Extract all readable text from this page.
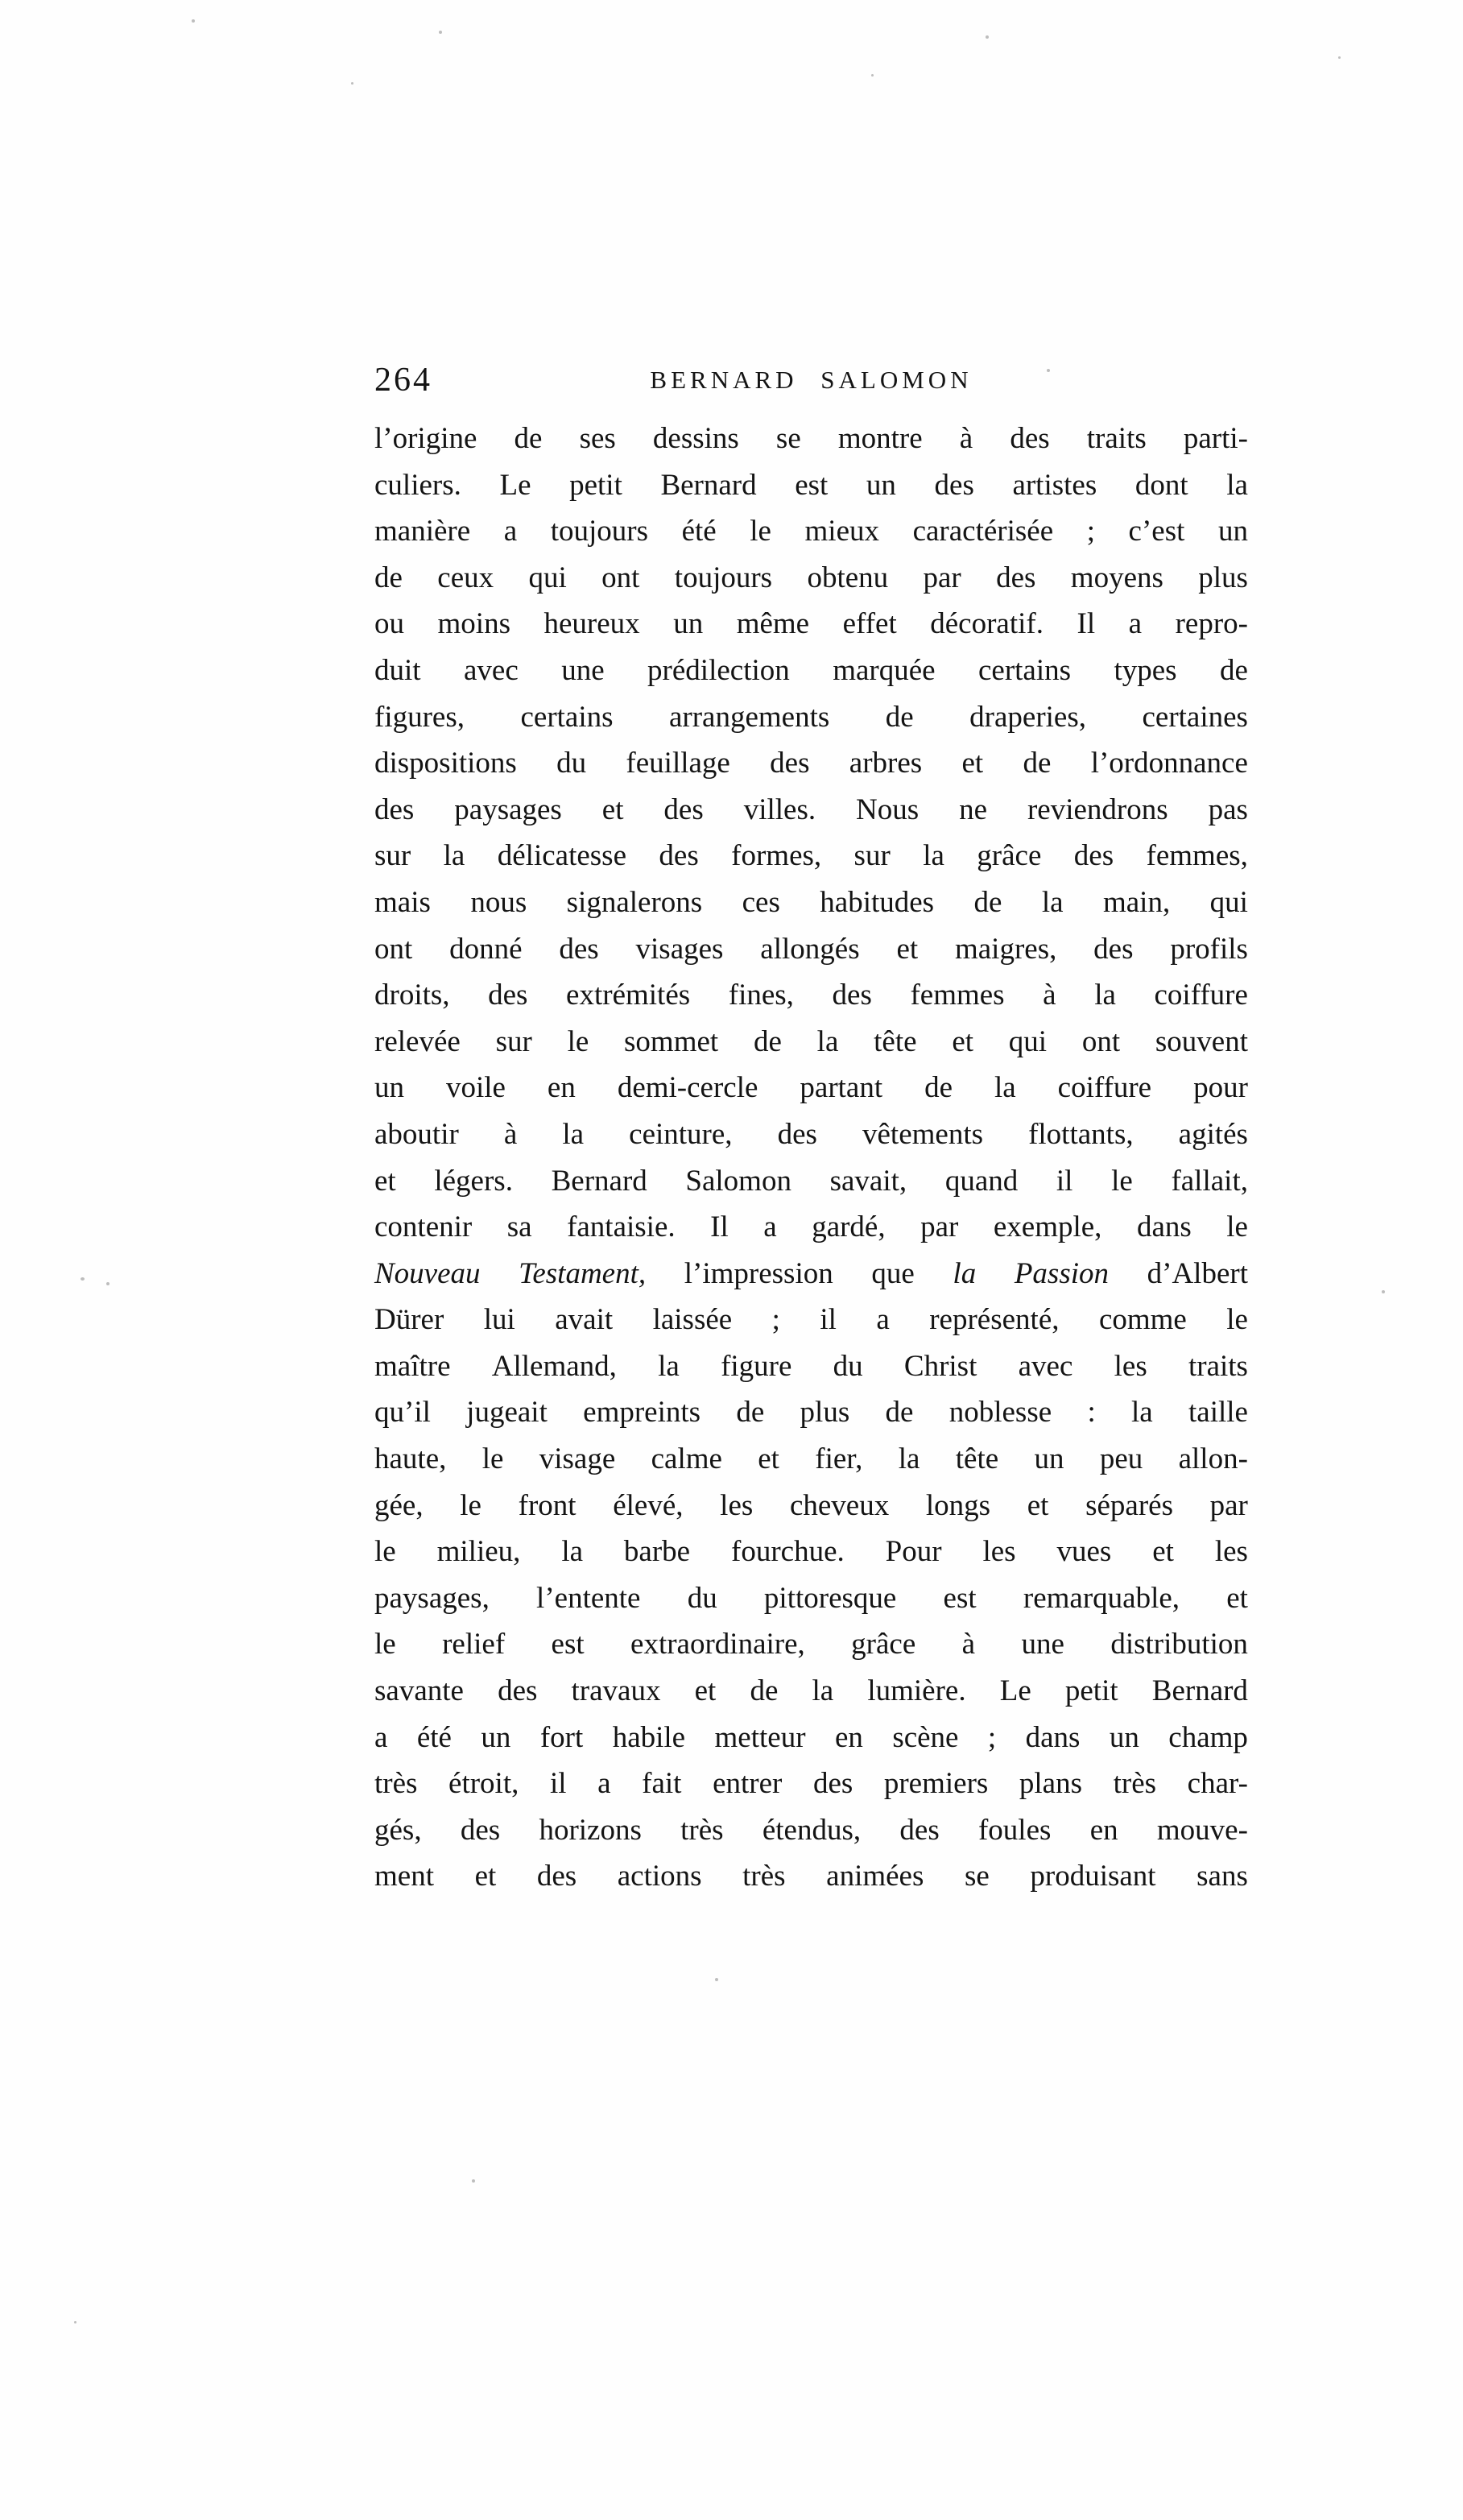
264	BERNARD SALOMON
l’origine de ses dessins se montre à des traits parti-
culiers. Le petit Bernard est un des artistes dont la
manière a toujours été le mieux caractérisée ; c’est un
de ceux qui ont toujours obtenu par des moyens plus
ou moins heureux un même effet décoratif. Il a repro-
duit avec une prédilection marquée certains types de
figures, certains arrangements de draperies, certaines
dispositions du feuillage des arbres et de l’ordonnance
des paysages et des villes. Nous ne reviendrons pas
sur la délicatesse des formes, sur la grâce des femmes,
mais nous signalerons ces habitudes de la main, qui
ont donné des visages allongés et maigres, des profils
droits, des extrémités fines, des femmes à la coiffure
relevée sur le sommet de la tête et qui ont souvent
un voile en demi-cercle partant de la coiffure pour
aboutir à la ceinture, des vêtements flottants, agités
et légers. Bernard Salomon savait, quand il le fallait,
contenir sa fantaisie. Il a gardé, par exemple, dans le
Nouveau Testament, l’impression que la Passion d’Albert
Dürer lui avait laissée ; il a représenté, comme le
maître Allemand, la figure du Christ avec les traits
qu’il jugeait empreints de plus de noblesse : la taille
haute, le visage calme et fier, la tête un peu allon-
gée, le front élevé, les cheveux longs et séparés par
le milieu, la barbe fourchue. Pour les vues et les
paysages, l’entente du pittoresque est remarquable, et
le relief est extraordinaire, grâce à une distribution
savante des travaux et de la lumière. Le petit Bernard
a été un fort habile metteur en scène ; dans un champ
très étroit, il a fait entrer des premiers plans très char-
gés, des horizons très étendus, des foules en mouve-
ment et des actions très animées se produisant sans
